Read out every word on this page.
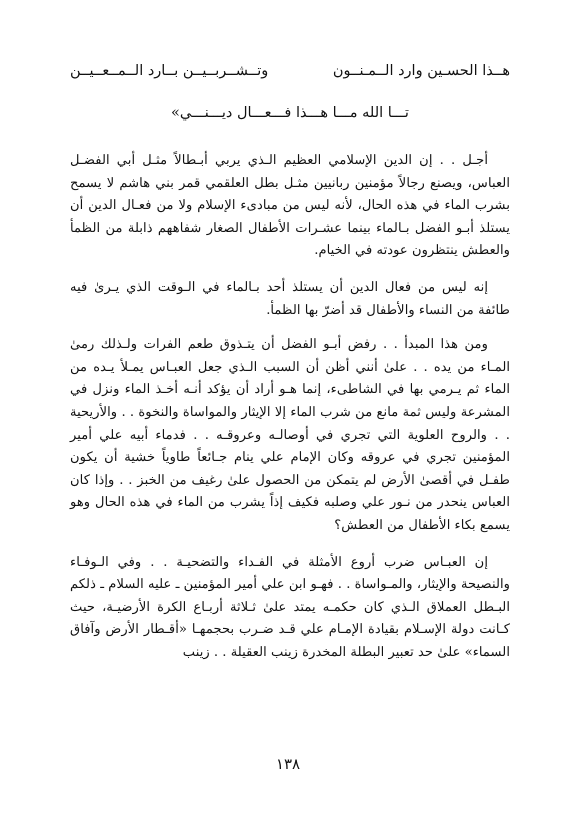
هــذا الحسـين وارد الــمـنــون
وتــشــربــيــن بــارد الــمــعــيــن
تـــا الله مـــا هـــذا فـــعـــال ديـــنـــي»

أجـل . . إن الدين الإسلامي العظيم الـذي يربي أبـطالاً مثـل أبي الفضـل العباس، ويصنع رجالاً مؤمنين ربانيين مثـل بطل العلقمي قمر بني هاشم لا يسمح بشرب الماء في هذه الحال، لأنه ليس من مبادىء الإسلام ولا من فعـال الدين أن يستلذ أبـو الفضل بـالماء بينما عشـرات الأطفال الصغار شفاههم ذابلة من الظمأ والعطش ينتظرون عودته في الخيام.

إنه ليس من فعال الدين أن يستلذ أحد بـالماء في الـوقت الذي يـرىٰ فيه طائفة من النساء والأطفال قد أضرّ بها الظمأ.

ومن هذا المبدأ . . رفض أبـو الفضل أن يتـذوق طعم الفرات ولـذلك رمىٰ المـاء من يده . . علىٰ أنني أظن أن السبب الـذي جعل العبـاس يمـلأ يـده من الماء ثم يـرمي بها في الشاطىء، إنما هـو أراد أن يؤكد أنـه أخـذ الماء ونزل في المشرعة وليس ثمة مانع من شرب الماء إلا الإيثار والمواساة والنخوة . . والأريحية . . والروح العلوية التي تجري في أوصالـه وعروقـه . . فدماء أبيه علي أمير المؤمنين تجري في عروقه وكان الإمام علي ينام جـائعاً طاوياً خشية أن يكون طفـل في أقصىٰ الأرض لم يتمكن من الحصول علىٰ رغيف من الخبز . . وإذا كان العباس ينحدر من نـور علي وصلبه فكيف إذاً يشرب من الماء في هذه الحال وهو يسمع بكاء الأطفال من العطش؟

إن العبـاس ضرب أروع الأمثلة في الفـداء والتضحيـة . . وفي الـوفـاء والنصيحة والإيثار، والمـواساة . . فهـو ابن علي أمير المؤمنين ـ عليه السلام ـ ذلكم البـطل العملاق الـذي كان حكمـه يمتد علىٰ ثـلاثة أربـاع الكرة الأرضيـة، حيث كـانت دولة الإسـلام بقيادة الإمـام علي قـد ضـرب بحجمهـا «أقـطار الأرض وآفاق السماء» علىٰ حد تعبير البطلة المخدرة زينب العقيلة . . زينب

١٣٨
